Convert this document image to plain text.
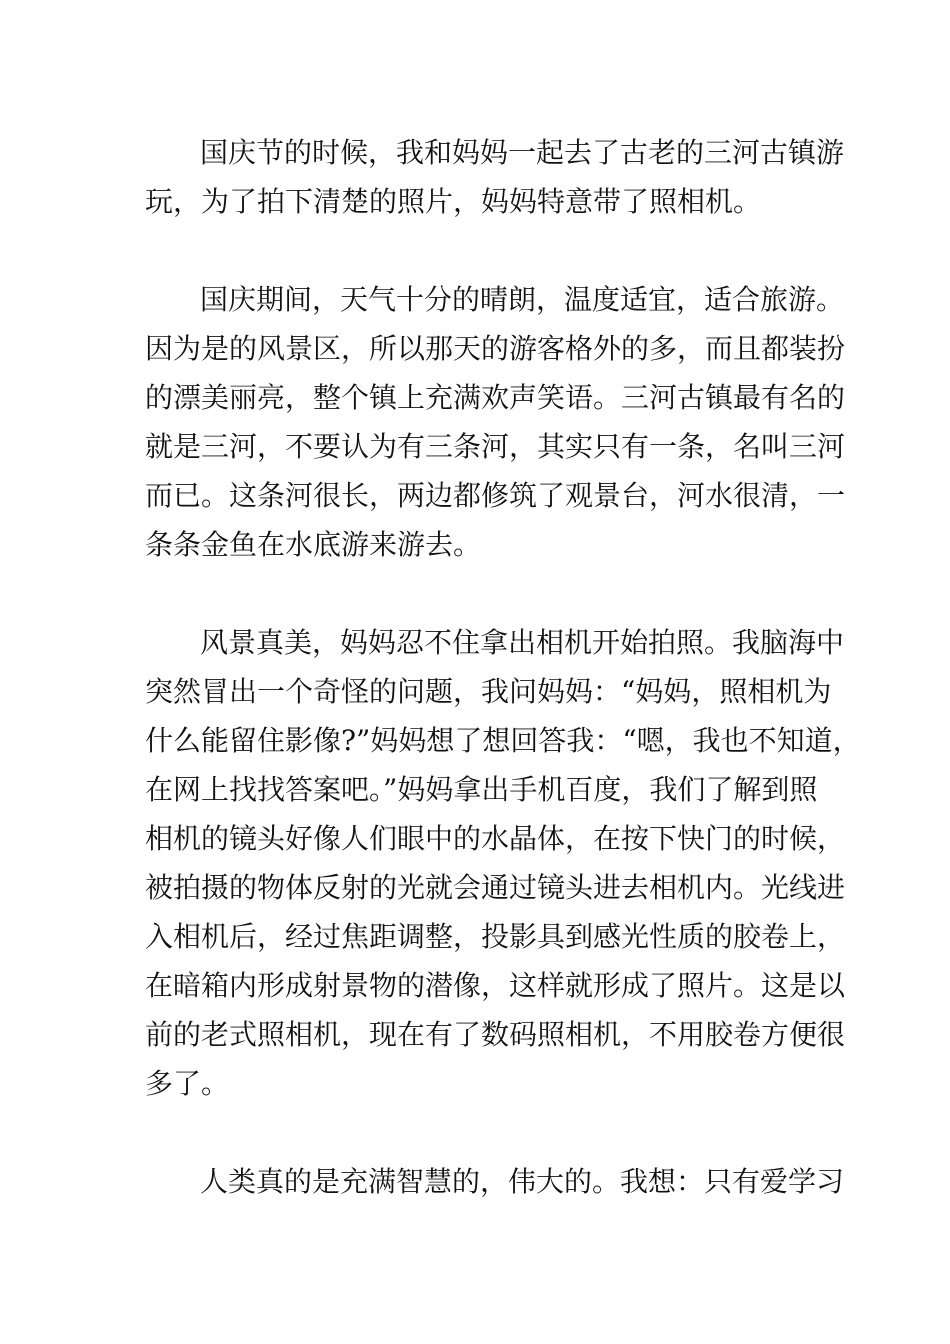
国庆节的时候，我和妈妈一起去了古老的三河古镇游
玩，为了拍下清楚的照片，妈妈特意带了照相机。
国庆期间，天气十分的晴朗，温度适宜，适合旅游。
因为是的风景区，所以那天的游客格外的多，而且都装扮
的漂美丽亮，整个镇上充满欢声笑语。三河古镇最有名的
就是三河，不要认为有三条河，其实只有一条，名叫三河
而已。这条河很长，两边都修筑了观景台，河水很清，一
条条金鱼在水底游来游去。
风景真美，妈妈忍不住拿出相机开始拍照。我脑海中
突然冒出一个奇怪的问题，我问妈妈：“妈妈，照相机为
什么能留住影像?”妈妈想了想回答我：“嗯，我也不知道，
在网上找找答案吧。”妈妈拿出手机百度，我们了解到照
相机的镜头好像人们眼中的水晶体，在按下快门的时候，
被拍摄的物体反射的光就会通过镜头进去相机内。光线进
入相机后，经过焦距调整，投影具到感光性质的胶卷上，
在暗箱内形成射景物的潜像，这样就形成了照片。这是以
前的老式照相机，现在有了数码照相机，不用胶卷方便很
多了。
人类真的是充满智慧的，伟大的。我想：只有爱学习
